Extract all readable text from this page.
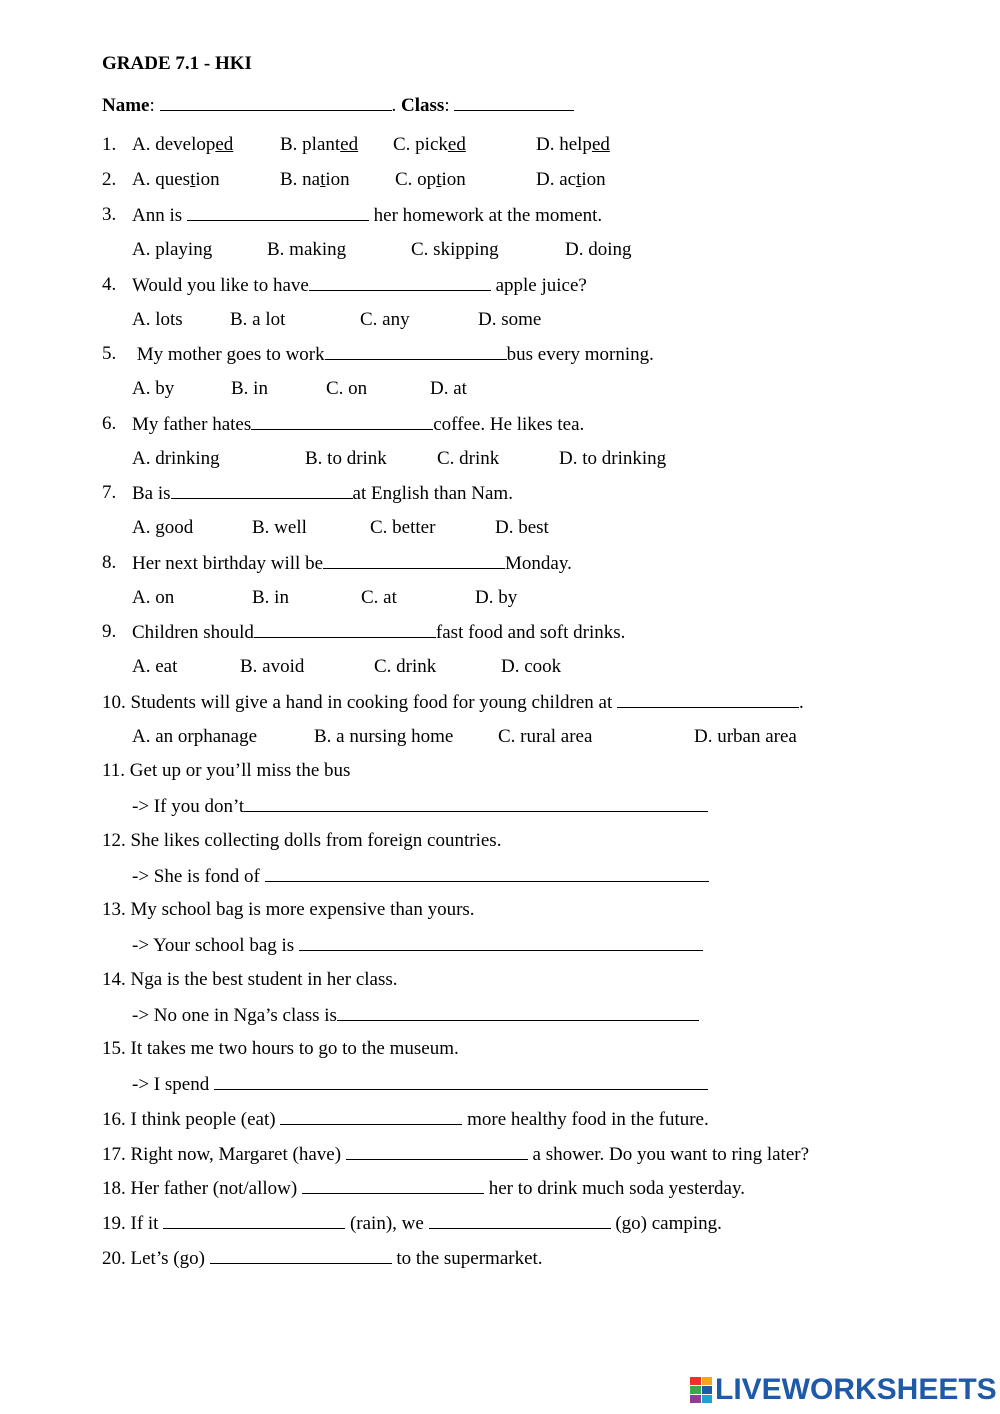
GRADE 7.1 - HKI
Name:	. Class:

1.

A. developed

B. planted

C. picked

	D. helped

2.

A. question

	B. nation

C. option

	D. action

3.

Ann is	her homework at the moment.

A. playing

	B. making

	C. skipping

	D. doing

4.

Would you like to have	apple juice?

A. lots

B. a lot

	C. any

	D. some

5.

My mother goes to work	bus every morning.

A. by

	B. in

	C. on

	D. at

6.

My father hates	coffee. He likes tea.

A. drinking

	B. to drink

	C. drink

	D. to drinking

7.

Ba is	at English than Nam.

A. good

	B. well

	C. better

	D. best

8.

Her next birthday will be	Monday.

A. on

	B. in

	C. at

	D. by

9.

Children should	fast food and soft drinks.

A. eat

	B. avoid

	C. drink

	D. cook

10. Students will give a hand in cooking food for young children at	.

A. an orphanage

	B. a nursing home

C. rural area

	D. urban area

11. Get up or you’ll miss the bus

-> If you don’t

12. She likes collecting dolls from foreign countries.

-> She is fond of

13. My school bag is more expensive than yours.

-> Your school bag is

14. Nga is the best student in her class.

-> No one in Nga’s class is

15. It takes me two hours to go to the museum.

-> I spend

16. I think people (eat)	more healthy food in the future.

17. Right now, Margaret (have)	a shower. Do you want to ring later?

18. Her father (not/allow)	her to drink much soda yesterday.

19. If it	(rain), we	(go) camping.

20. Let’s (go)	to the supermarket.

LIVEWORKSHEETS
